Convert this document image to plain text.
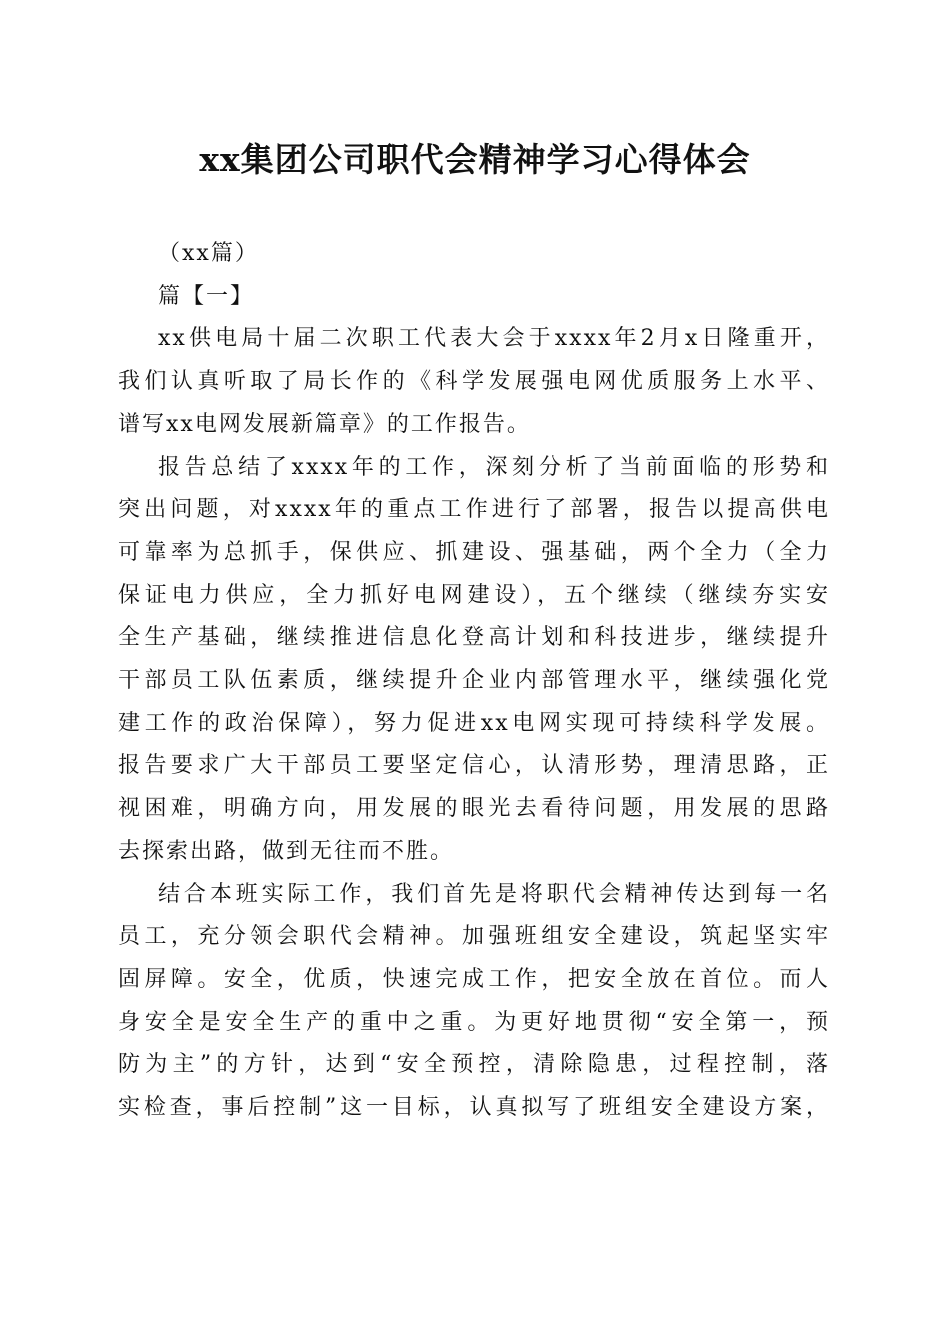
xx集团公司职代会精神学习心得体会
（xx篇）
篇【一】
xx供电局十届二次职工代表大会于xxxx年2月x日隆重开，
我们认真听取了局长作的《科学发展强电网优质服务上水平、
谱写xx电网发展新篇章》的工作报告。
报告总结了xxxx年的工作，深刻分析了当前面临的形势和
突出问题，对xxxx年的重点工作进行了部署，报告以提高供电
可靠率为总抓手，保供应、抓建设、强基础，两个全力（全力
保证电力供应，全力抓好电网建设），五个继续（继续夯实安
全生产基础，继续推进信息化登高计划和科技进步，继续提升
干部员工队伍素质，继续提升企业内部管理水平，继续强化党
建工作的政治保障），努力促进xx电网实现可持续科学发展。
报告要求广大干部员工要坚定信心，认清形势，理清思路，正
视困难，明确方向，用发展的眼光去看待问题，用发展的思路
去探索出路，做到无往而不胜。
结合本班实际工作，我们首先是将职代会精神传达到每一名
员工，充分领会职代会精神。加强班组安全建设，筑起坚实牢
固屏障。安全，优质，快速完成工作，把安全放在首位。而人
身安全是安全生产的重中之重。为更好地贯彻“安全第一，预
防为主”的方针，达到“安全预控，清除隐患，过程控制，落
实检查，事后控制”这一目标，认真拟写了班组安全建设方案，
